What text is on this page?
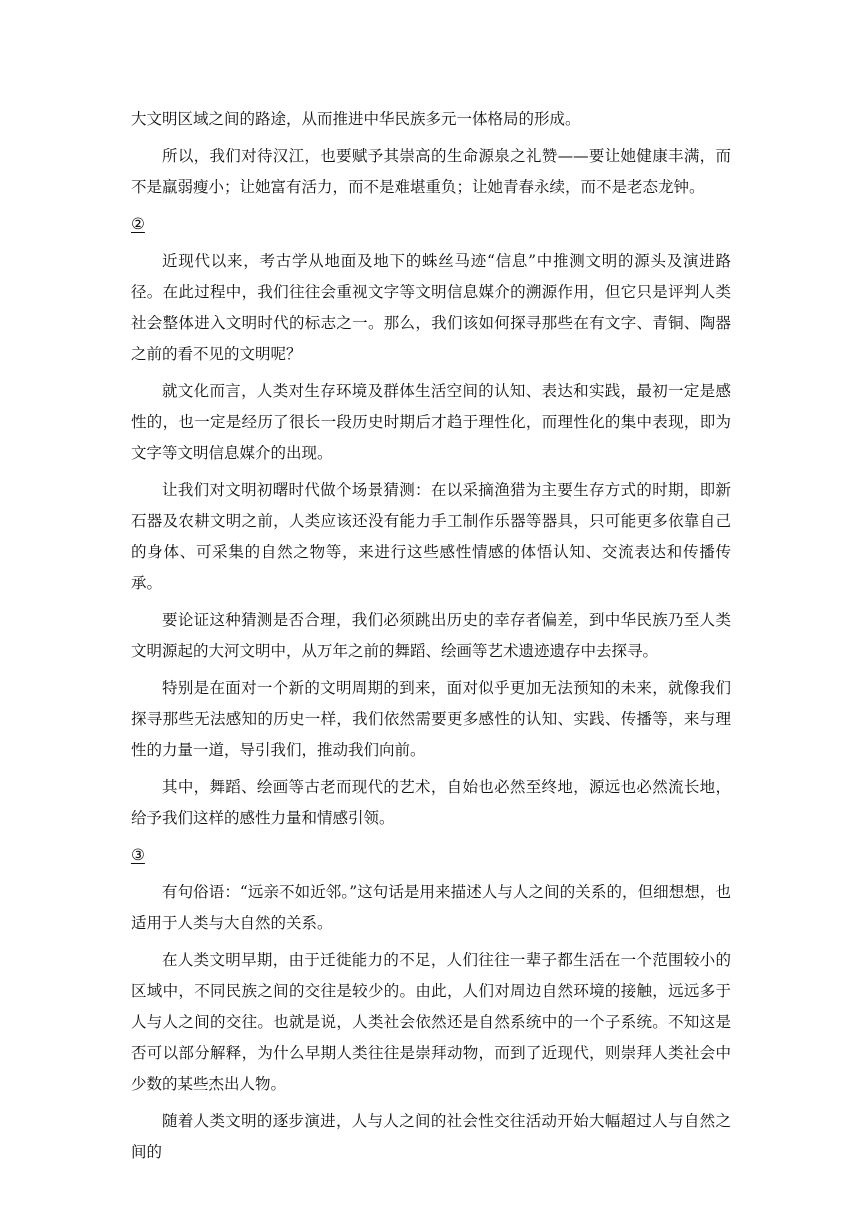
大文明区域之间的路途，从而推进中华民族多元一体格局的形成。

所以，我们对待汉江，也要赋予其崇高的生命源泉之礼赞——要让她健康丰满，而不是羸弱瘦小；让她富有活力，而不是难堪重负；让她青春永续，而不是老态龙钟。

②

近现代以来，考古学从地面及地下的蛛丝马迹“信息”中推测文明的源头及演进路径。在此过程中，我们往往会重视文字等文明信息媒介的溯源作用，但它只是评判人类社会整体进入文明时代的标志之一。那么，我们该如何探寻那些在有文字、青铜、陶器之前的看不见的文明呢？

就文化而言，人类对生存环境及群体生活空间的认知、表达和实践，最初一定是感性的，也一定是经历了很长一段历史时期后才趋于理性化，而理性化的集中表现，即为文字等文明信息媒介的出现。

让我们对文明初曙时代做个场景猜测：在以采摘渔猎为主要生存方式的时期，即新石器及农耕文明之前，人类应该还没有能力手工制作乐器等器具，只可能更多依靠自己的身体、可采集的自然之物等，来进行这些感性情感的体悟认知、交流表达和传播传承。

要论证这种猜测是否合理，我们必须跳出历史的幸存者偏差，到中华民族乃至人类文明源起的大河文明中，从万年之前的舞蹈、绘画等艺术遗迹遗存中去探寻。

特别是在面对一个新的文明周期的到来，面对似乎更加无法预知的未来，就像我们探寻那些无法感知的历史一样，我们依然需要更多感性的认知、实践、传播等，来与理性的力量一道，导引我们，推动我们向前。

其中，舞蹈、绘画等古老而现代的艺术，自始也必然至终地，源远也必然流长地，给予我们这样的感性力量和情感引领。

③

有句俗语：“远亲不如近邻。”这句话是用来描述人与人之间的关系的，但细想想，也适用于人类与大自然的关系。

在人类文明早期，由于迁徙能力的不足，人们往往一辈子都生活在一个范围较小的区域中，不同民族之间的交往是较少的。由此，人们对周边自然环境的接触，远远多于人与人之间的交往。也就是说，人类社会依然还是自然系统中的一个子系统。不知这是否可以部分解释，为什么早期人类往往是崇拜动物，而到了近现代，则崇拜人类社会中少数的某些杰出人物。

随着人类文明的逐步演进，人与人之间的社会性交往活动开始大幅超过人与自然之间的
